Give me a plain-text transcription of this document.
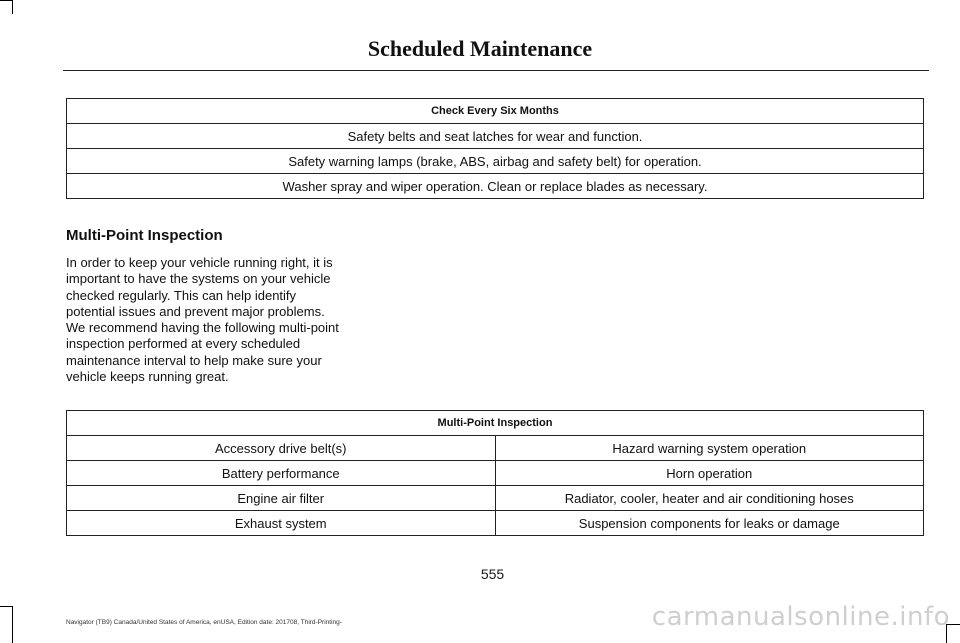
Scheduled Maintenance
Check Every Six Months
Safety belts and seat latches for wear and function.
Safety warning lamps (brake, ABS, airbag and safety belt) for operation.
Washer spray and wiper operation. Clean or replace blades as necessary.
Multi-Point Inspection

In order to keep your vehicle running right, it is important to have the systems on your vehicle checked regularly. This can help identify potential issues and prevent major problems. We recommend having the following multi-point inspection performed at every scheduled maintenance interval to help make sure your vehicle keeps running great.

Multi-Point Inspection	
Accessory drive belt(s)	Hazard warning system operation
Battery performance	Horn operation
Engine air filter	Radiator, cooler, heater and air conditioning hoses
Exhaust system	Suspension components for leaks or damage
555
Navigator (TB9) Canada/United States of America, enUSA, Edition date: 201708, Third-Printing-	carmanualsonline.info
